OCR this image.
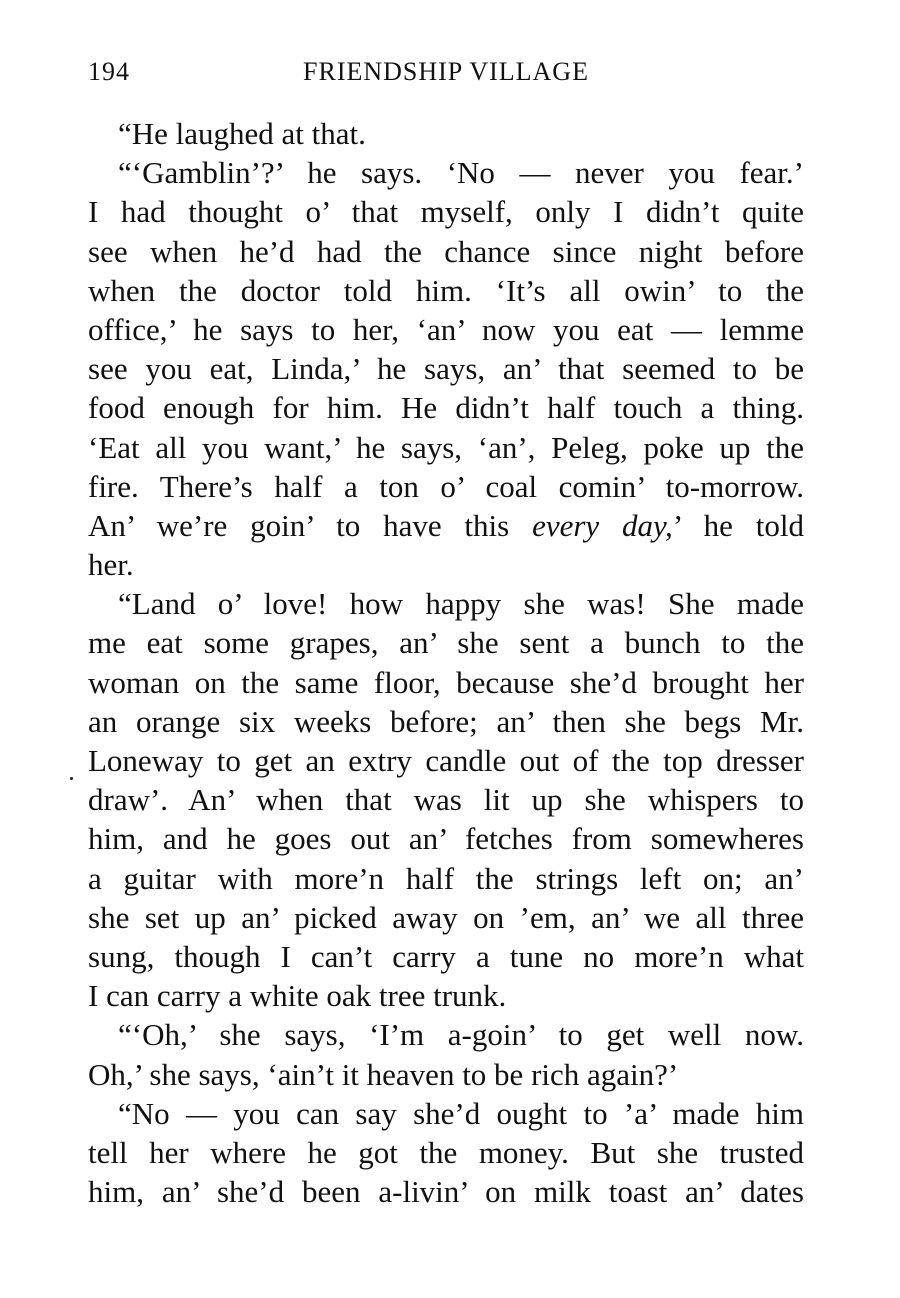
194	FRIENDSHIP VILLAGE
“He laughed at that.
“‘Gamblin’?’ he says. ‘No — never you fear.’
I had thought o’ that myself, only I didn’t quite
see when he’d had the chance since night before
when the doctor told him. ‘It’s all owin’ to the
office,’ he says to her, ‘an’ now you eat — lemme
see you eat, Linda,’ he says, an’ that seemed to be
food enough for him. He didn’t half touch a thing.
‘Eat all you want,’ he says, ‘an’, Peleg, poke up the
fire. There’s half a ton o’ coal comin’ to-morrow.
An’ we’re goin’ to have this every day,’ he told
her.
“Land o’ love! how happy she was! She made
me eat some grapes, an’ she sent a bunch to the
woman on the same floor, because she’d brought her
an orange six weeks before; an’ then she begs Mr.
Loneway to get an extry candle out of the top dresser
draw’. An’ when that was lit up she whispers to
him, and he goes out an’ fetches from somewheres
a guitar with more’n half the strings left on; an’
she set up an’ picked away on ’em, an’ we all three
sung, though I can’t carry a tune no more’n what
I can carry a white oak tree trunk.
“‘Oh,’ she says, ‘I’m a-goin’ to get well now.
Oh,’ she says, ‘ain’t it heaven to be rich again?’
“No — you can say she’d ought to ’a’ made him
tell her where he got the money. But she trusted
him, an’ she’d been a-livin’ on milk toast an’ dates
